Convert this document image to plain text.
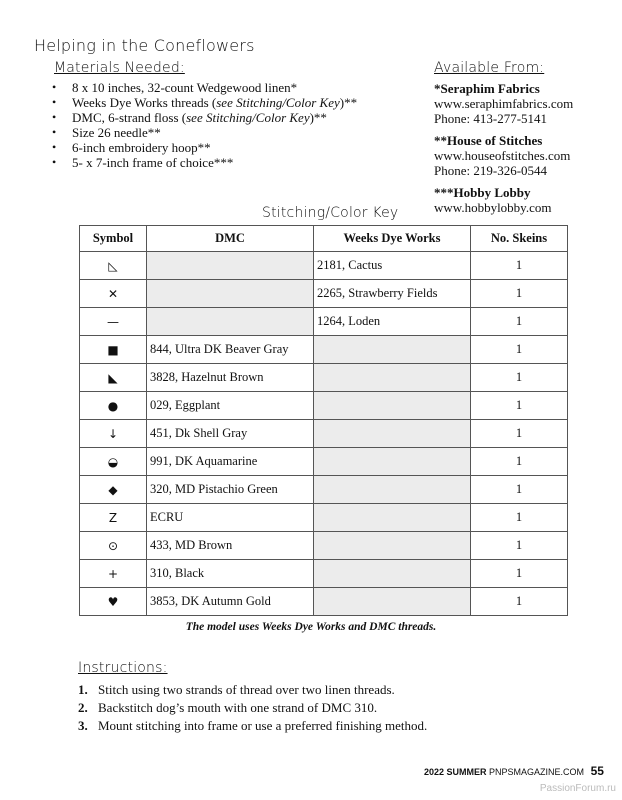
Helping in the Coneflowers
Materials Needed:
• 8 x 10 inches, 32-count Wedgewood linen*
• Weeks Dye Works threads (see Stitching/Color Key)**
• DMC, 6-strand floss (see Stitching/Color Key)**
• Size 26 needle**
• 6-inch embroidery hoop**
• 5- x 7-inch frame of choice***
Available From:
*Seraphim Fabrics
www.seraphimfabrics.com
Phone: 413-277-5141
**House of Stitches
www.houseofstitches.com
Phone: 219-326-0544
***Hobby Lobby
www.hobbylobby.com
Stitching/Color Key
Symbol	DMC	Weeks Dye Works	No. Skeins
◺		2181, Cactus	1
✕		2265, Strawberry Fields	1
—		1264, Loden	1
■	844, Ultra DK Beaver Gray		1
◣	3828, Hazelnut Brown		1
●	029, Eggplant		1
↓	451, Dk Shell Gray		1
◒	991, DK Aquamarine		1
◆	320, MD Pistachio Green		1
Z	ECRU		1
⊙	433, MD Brown		1
+	310, Black		1
♥	3853, DK Autumn Gold		1
The model uses Weeks Dye Works and DMC threads.
Instructions:
1. Stitch using two strands of thread over two linen threads.
2. Backstitch dog’s mouth with one strand of DMC 310.
3. Mount stitching into frame or use a preferred finishing method.
2022 SUMMER PNPSMAGAZINE.COM 55
PassionForum.ru
